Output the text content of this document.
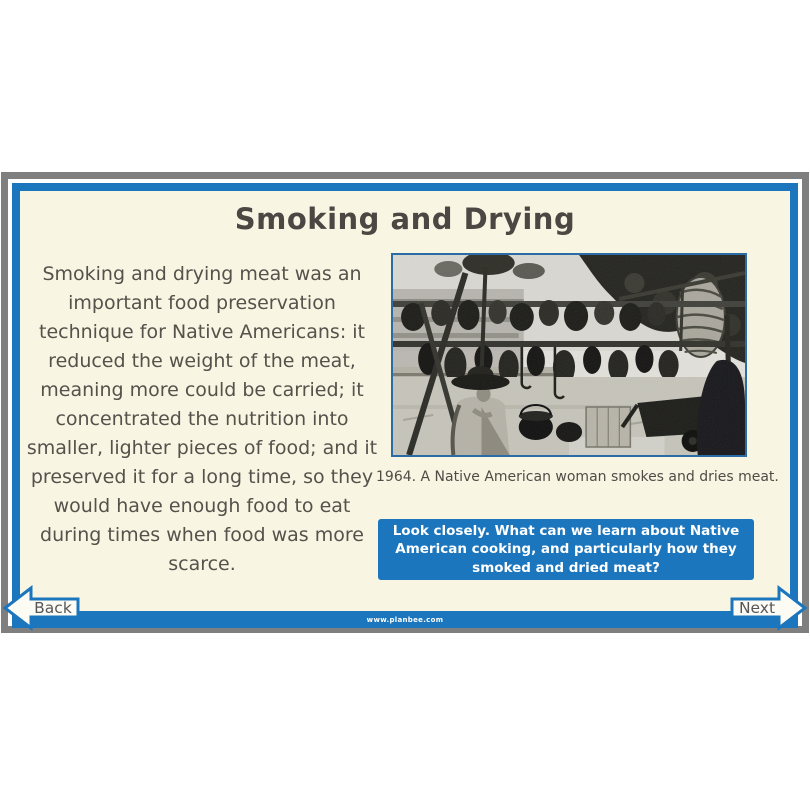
Smoking and Drying
Smoking and drying meat was an important food preservation technique for Native Americans: it reduced the weight of the meat, meaning more could be carried; it concentrated the nutrition into smaller, lighter pieces of food; and it preserved it for a long time, so they would have enough food to eat during times when food was more scarce.
1964. A Native American woman smokes and dries meat.
Look closely. What can we learn about Native American cooking, and particularly how they smoked and dried meat?
www.planbee.com
Back	Next
